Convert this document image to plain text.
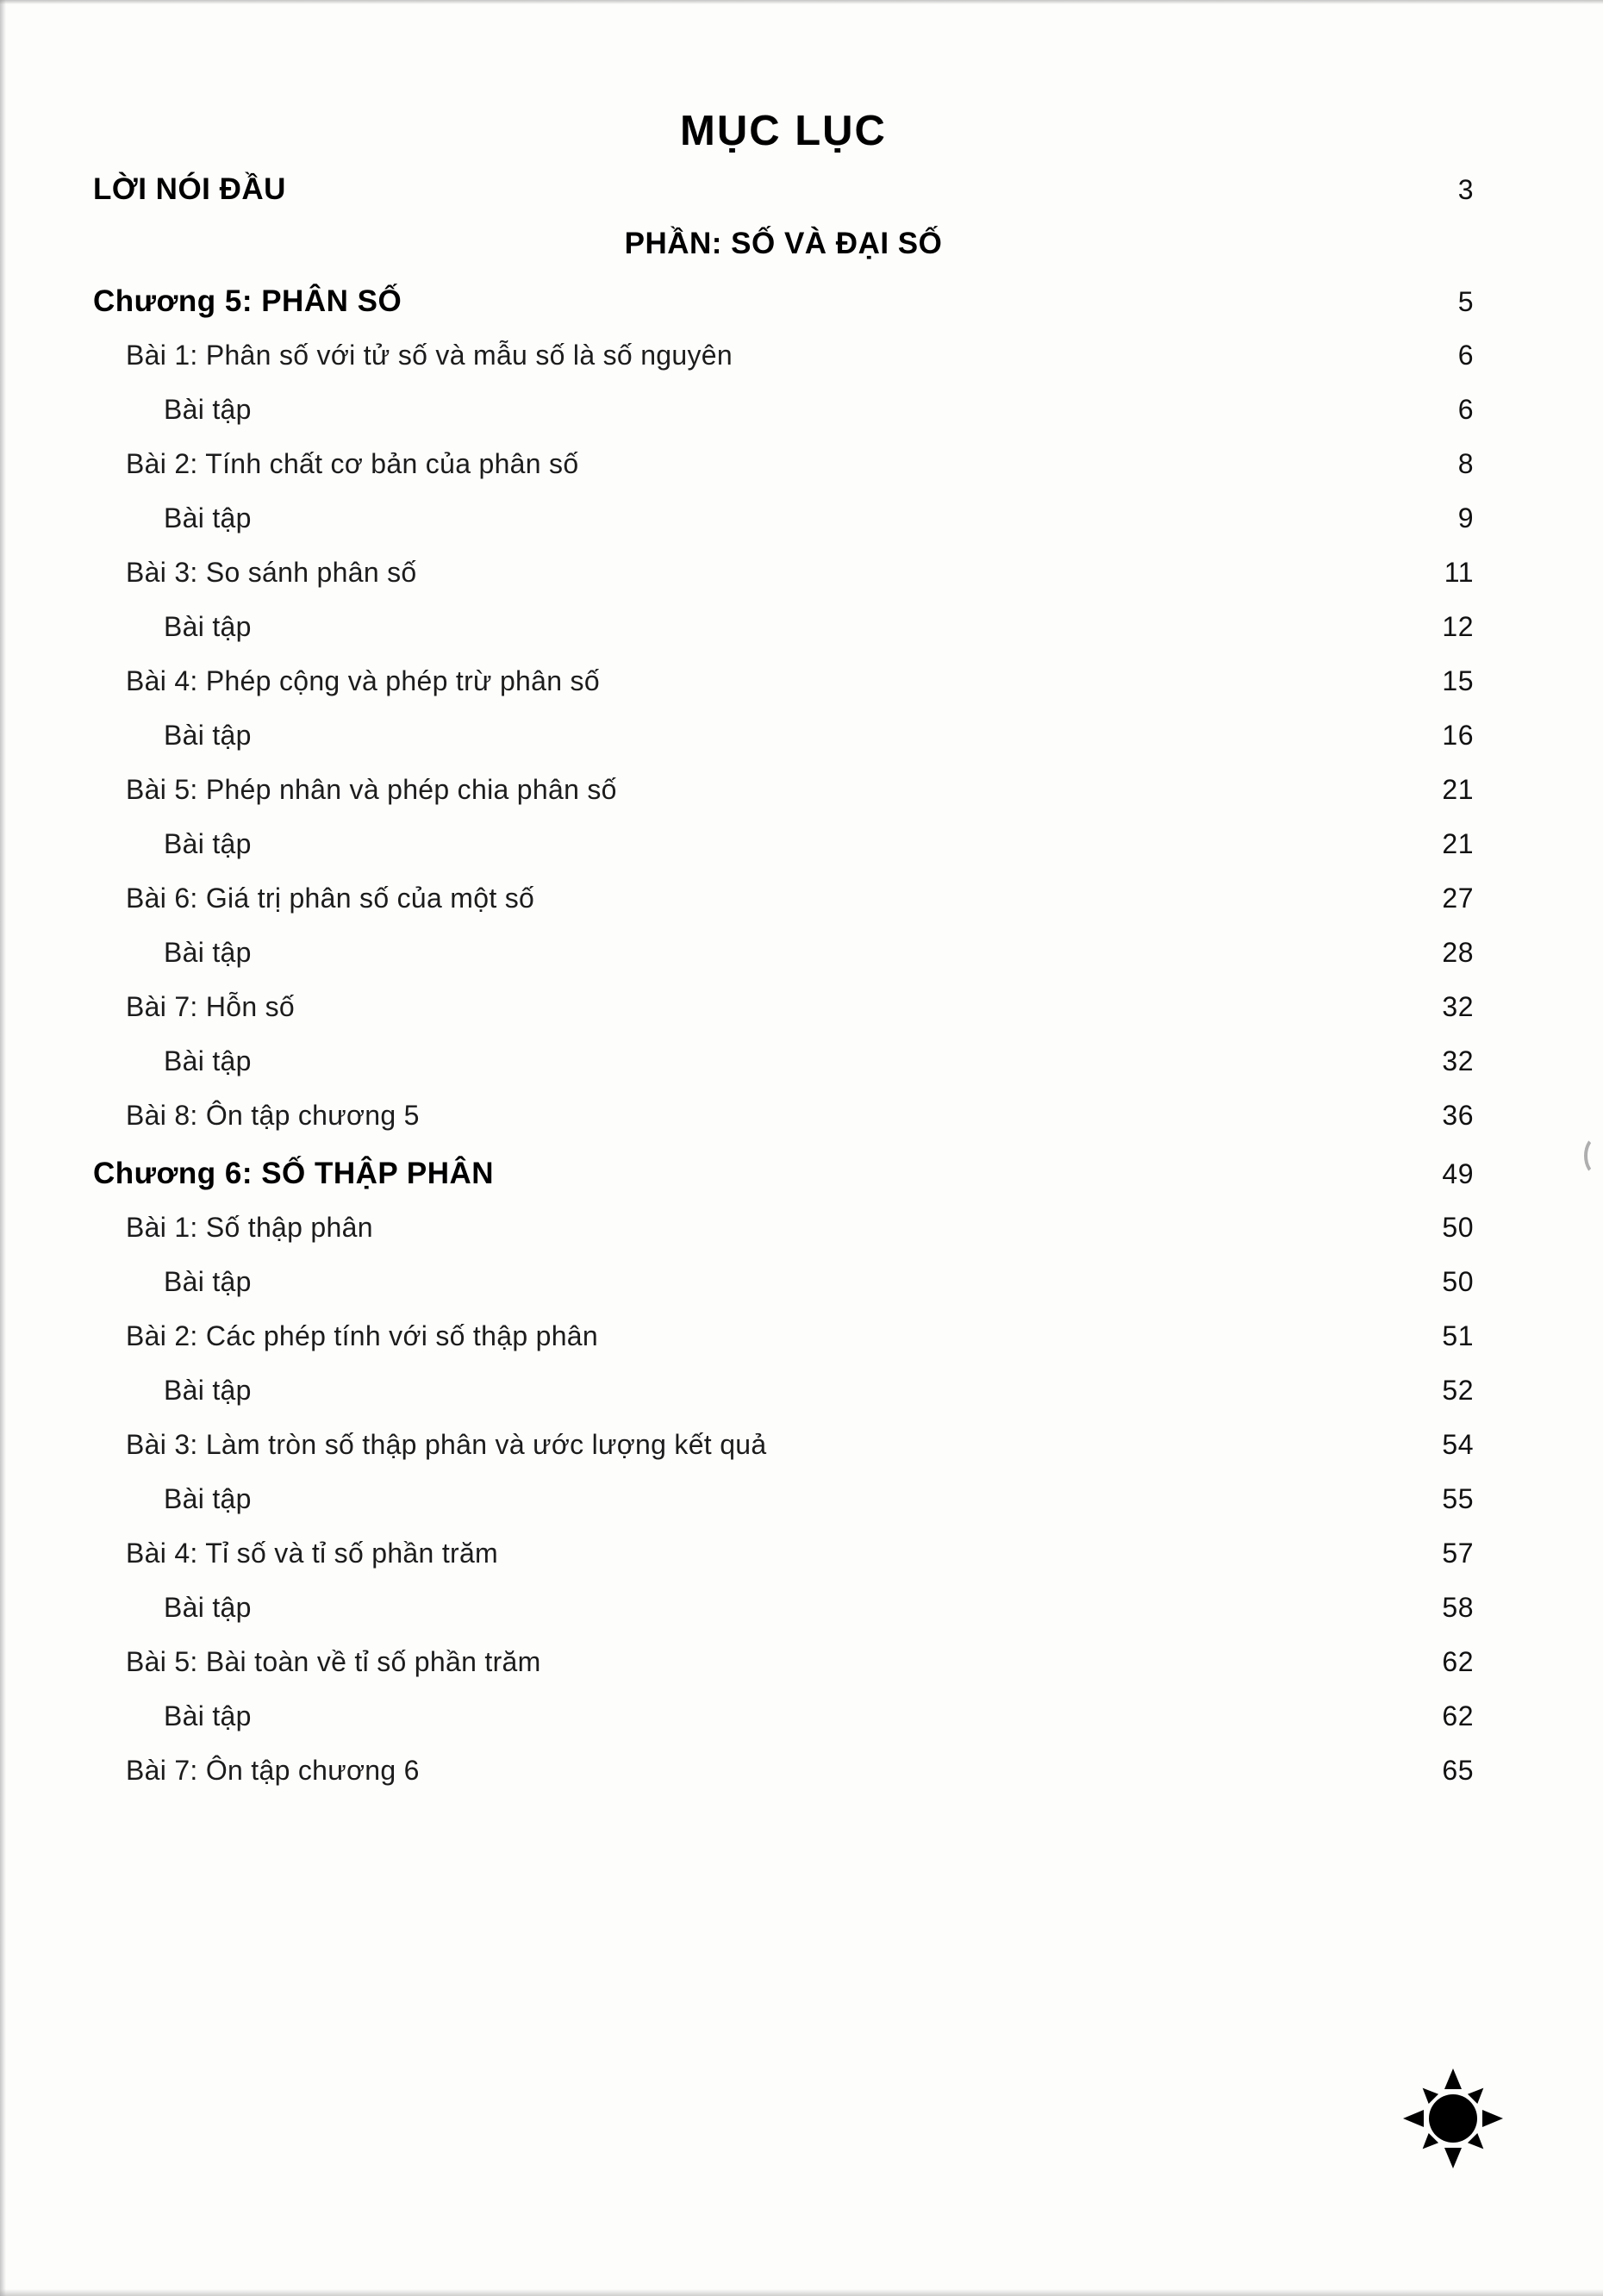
MỤC LỤC
LỜI NÓI ĐẦU	3
PHẦN: SỐ VÀ ĐẠI SỐ
Chương 5: PHÂN SỐ	5
Bài 1: Phân số với tử số và mẫu số là số nguyên	6
Bài tập	6
Bài 2: Tính chất cơ bản của phân số	8
Bài tập	9
Bài 3: So sánh phân số	11
Bài tập	12
Bài 4: Phép cộng và phép trừ phân số	15
Bài tập	16
Bài 5: Phép nhân và phép chia phân số	21
Bài tập	21
Bài 6: Giá trị phân số của một số	27
Bài tập	28
Bài 7: Hỗn số	32
Bài tập	32
Bài 8: Ôn tập chương 5	36
Chương 6: SỐ THẬP PHÂN	49
Bài 1: Số thập phân	50
Bài tập	50
Bài 2: Các phép tính với số thập phân	51
Bài tập	52
Bài 3: Làm tròn số thập phân và ước lượng kết quả	54
Bài tập	55
Bài 4: Tỉ số và tỉ số phần trăm	57
Bài tập	58
Bài 5: Bài toàn về tỉ số phần trăm	62
Bài tập	62
Bài 7: Ôn tập chương 6	65
